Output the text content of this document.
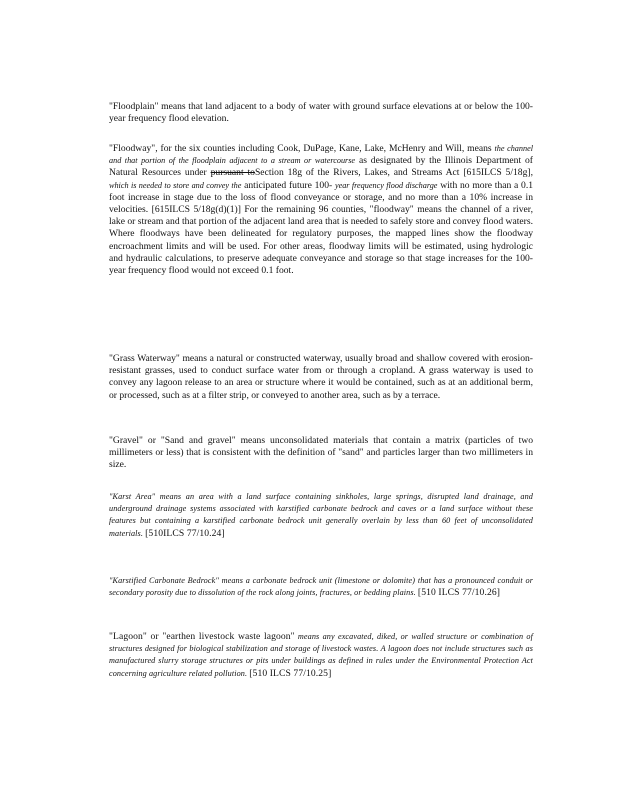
"Floodplain" means that land adjacent to a body of water with ground surface elevations at or below the 100-year frequency flood elevation.

"Floodway", for the six counties including Cook, DuPage, Kane, Lake, McHenry and Will, means the channel and that portion of the floodplain adjacent to a stream or watercourse as designated by the Illinois Department of Natural Resources under pursuant toSection 18g of the Rivers, Lakes, and Streams Act [615ILCS 5/18g], which is needed to store and convey the anticipated future 100- year frequency flood discharge with no more than a 0.1 foot increase in stage due to the loss of flood conveyance or storage, and no more than a 10% increase in velocities. [615ILCS 5/18g(d)(1)] For the remaining 96 counties, "floodway" means the channel of a river, lake or stream and that portion of the adjacent land area that is needed to safely store and convey flood waters. Where floodways have been delineated for regulatory purposes, the mapped lines show the floodway encroachment limits and will be used. For other areas, floodway limits will be estimated, using hydrologic and hydraulic calculations, to preserve adequate conveyance and storage so that stage increases for the 100-year frequency flood would not exceed 0.1 foot.

"Grass Waterway" means a natural or constructed waterway, usually broad and shallow covered with erosion-resistant grasses, used to conduct surface water from or through a cropland. A grass waterway is used to convey any lagoon release to an area or structure where it would be contained, such as at an additional berm, or processed, such as at a filter strip, or conveyed to another area, such as by a terrace.

"Gravel" or "Sand and gravel" means unconsolidated materials that contain a matrix (particles of two millimeters or less) that is consistent with the definition of "sand" and particles larger than two millimeters in size.

"Karst Area" means an area with a land surface containing sinkholes, large springs, disrupted land drainage, and underground drainage systems associated with karstified carbonate bedrock and caves or a land surface without these features but containing a karstified carbonate bedrock unit generally overlain by less than 60 feet of unconsolidated materials. [510ILCS 77/10.24]

"Karstified Carbonate Bedrock" means a carbonate bedrock unit (limestone or dolomite) that has a pronounced conduit or secondary porosity due to dissolution of the rock along joints, fractures, or bedding plains. [510 ILCS 77/10.26]

"Lagoon" or "earthen livestock waste lagoon" means any excavated, diked, or walled structure or combination of structures designed for biological stabilization and storage of livestock wastes. A lagoon does not include structures such as manufactured slurry storage structures or pits under buildings as defined in rules under the Environmental Protection Act concerning agriculture related pollution. [510 ILCS 77/10.25]
